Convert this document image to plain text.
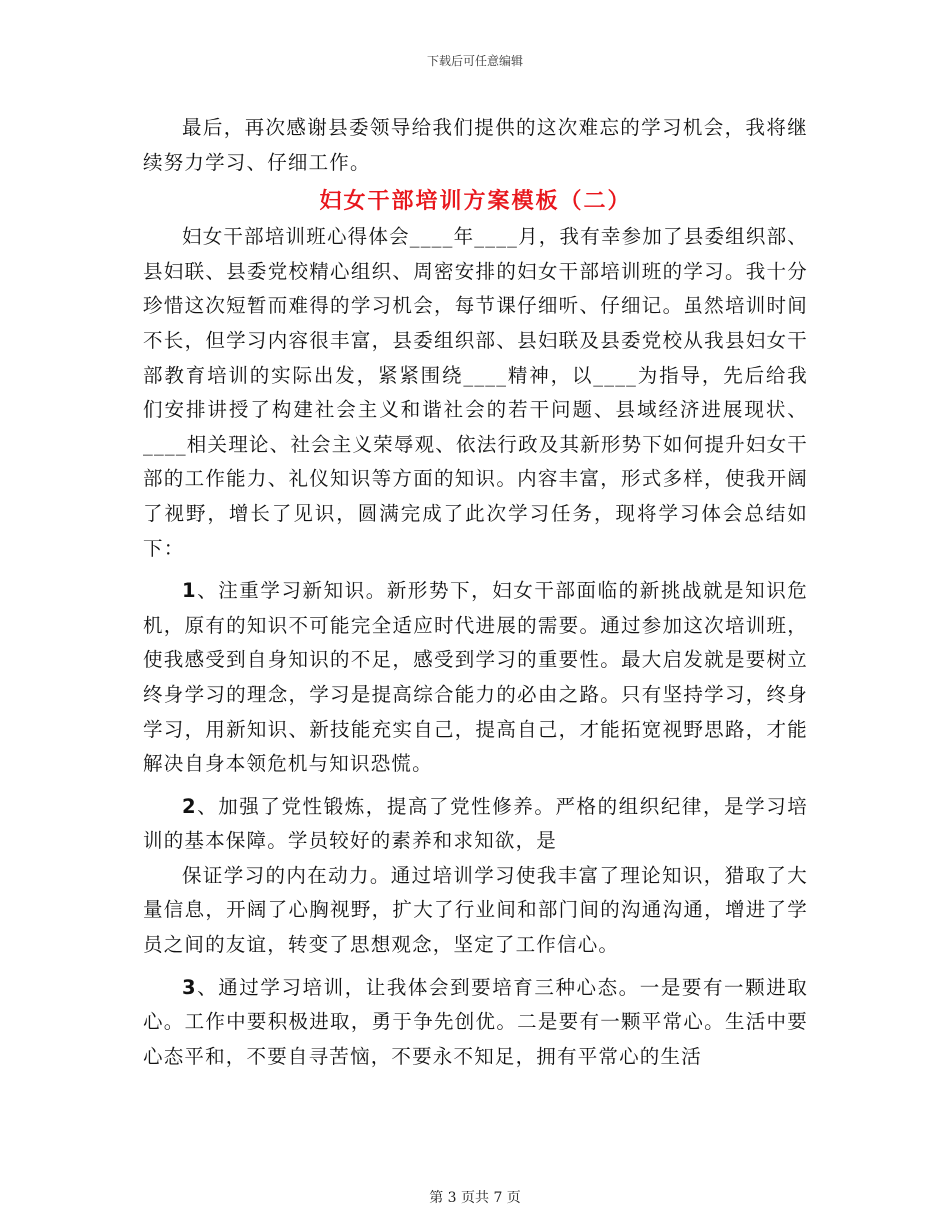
下载后可任意编辑

最后，再次感谢县委领导给我们提供的这次难忘的学习机会，我将继续努力学习、仔细工作。

妇女干部培训方案模板（二）

妇女干部培训班心得体会____年____月，我有幸参加了县委组织部、县妇联、县委党校精心组织、周密安排的妇女干部培训班的学习。我十分珍惜这次短暂而难得的学习机会，每节课仔细听、仔细记。虽然培训时间不长，但学习内容很丰富，县委组织部、县妇联及县委党校从我县妇女干部教育培训的实际出发，紧紧围绕____精神，以____为指导，先后给我们安排讲授了构建社会主义和谐社会的若干问题、县域经济进展现状、____相关理论、社会主义荣辱观、依法行政及其新形势下如何提升妇女干部的工作能力、礼仪知识等方面的知识。内容丰富，形式多样，使我开阔了视野，增长了见识，圆满完成了此次学习任务，现将学习体会总结如下：

1、注重学习新知识。新形势下，妇女干部面临的新挑战就是知识危机，原有的知识不可能完全适应时代进展的需要。通过参加这次培训班，使我感受到自身知识的不足，感受到学习的重要性。最大启发就是要树立终身学习的理念，学习是提高综合能力的必由之路。只有坚持学习，终身学习，用新知识、新技能充实自己，提高自己，才能拓宽视野思路，才能解决自身本领危机与知识恐慌。

2、加强了党性锻炼，提高了党性修养。严格的组织纪律，是学习培训的基本保障。学员较好的素养和求知欲，是

保证学习的内在动力。通过培训学习使我丰富了理论知识，猎取了大量信息，开阔了心胸视野，扩大了行业间和部门间的沟通沟通，增进了学员之间的友谊，转变了思想观念，坚定了工作信心。

3、通过学习培训，让我体会到要培育三种心态。一是要有一颗进取心。工作中要积极进取，勇于争先创优。二是要有一颗平常心。生活中要心态平和，不要自寻苦恼，不要永不知足，拥有平常心的生活

第 3 页共 7 页
